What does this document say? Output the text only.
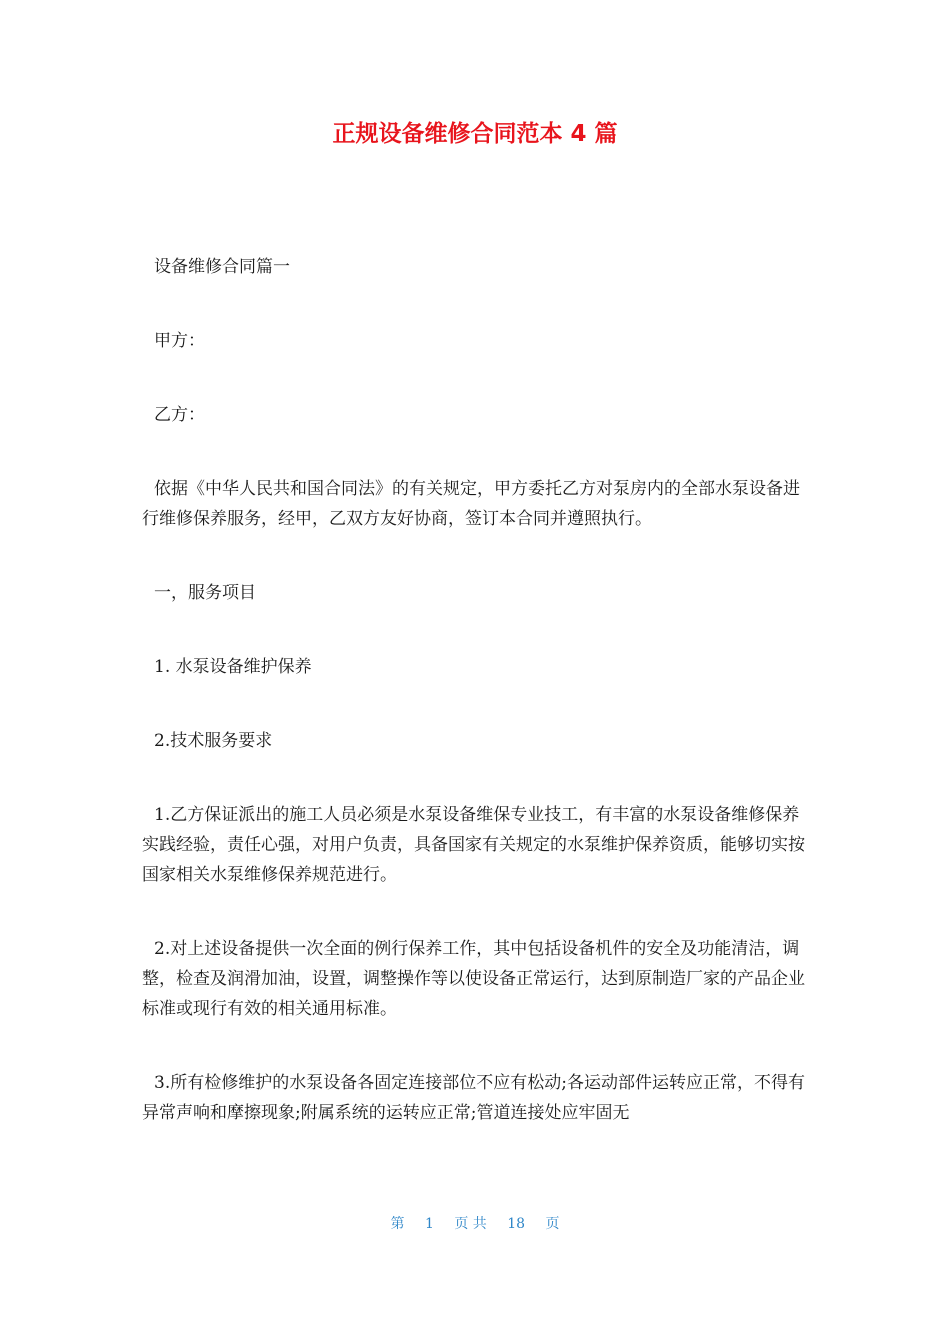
正规设备维修合同范本 4 篇

设备维修合同篇一

甲方：

乙方：

依据《中华人民共和国合同法》的有关规定，甲方委托乙方对泵房内的全部水泵设备进行维修保养服务，经甲，乙双方友好协商，签订本合同并遵照执行。

一，服务项目

1. 水泵设备维护保养

2.技术服务要求

1.乙方保证派出的施工人员必须是水泵设备维保专业技工，有丰富的水泵设备维修保养实践经验，责任心强，对用户负责，具备国家有关规定的水泵维护保养资质，能够切实按国家相关水泵维修保养规范进行。

2.对上述设备提供一次全面的例行保养工作，其中包括设备机件的安全及功能清洁，调整，检查及润滑加油，设置，调整操作等以使设备正常运行，达到原制造厂家的产品企业标准或现行有效的相关通用标准。

3.所有检修维护的水泵设备各固定连接部位不应有松动;各运动部件运转应正常，不得有异常声响和摩擦现象;附属系统的运转应正常;管道连接处应牢固无

第 1 页 共 18 页
